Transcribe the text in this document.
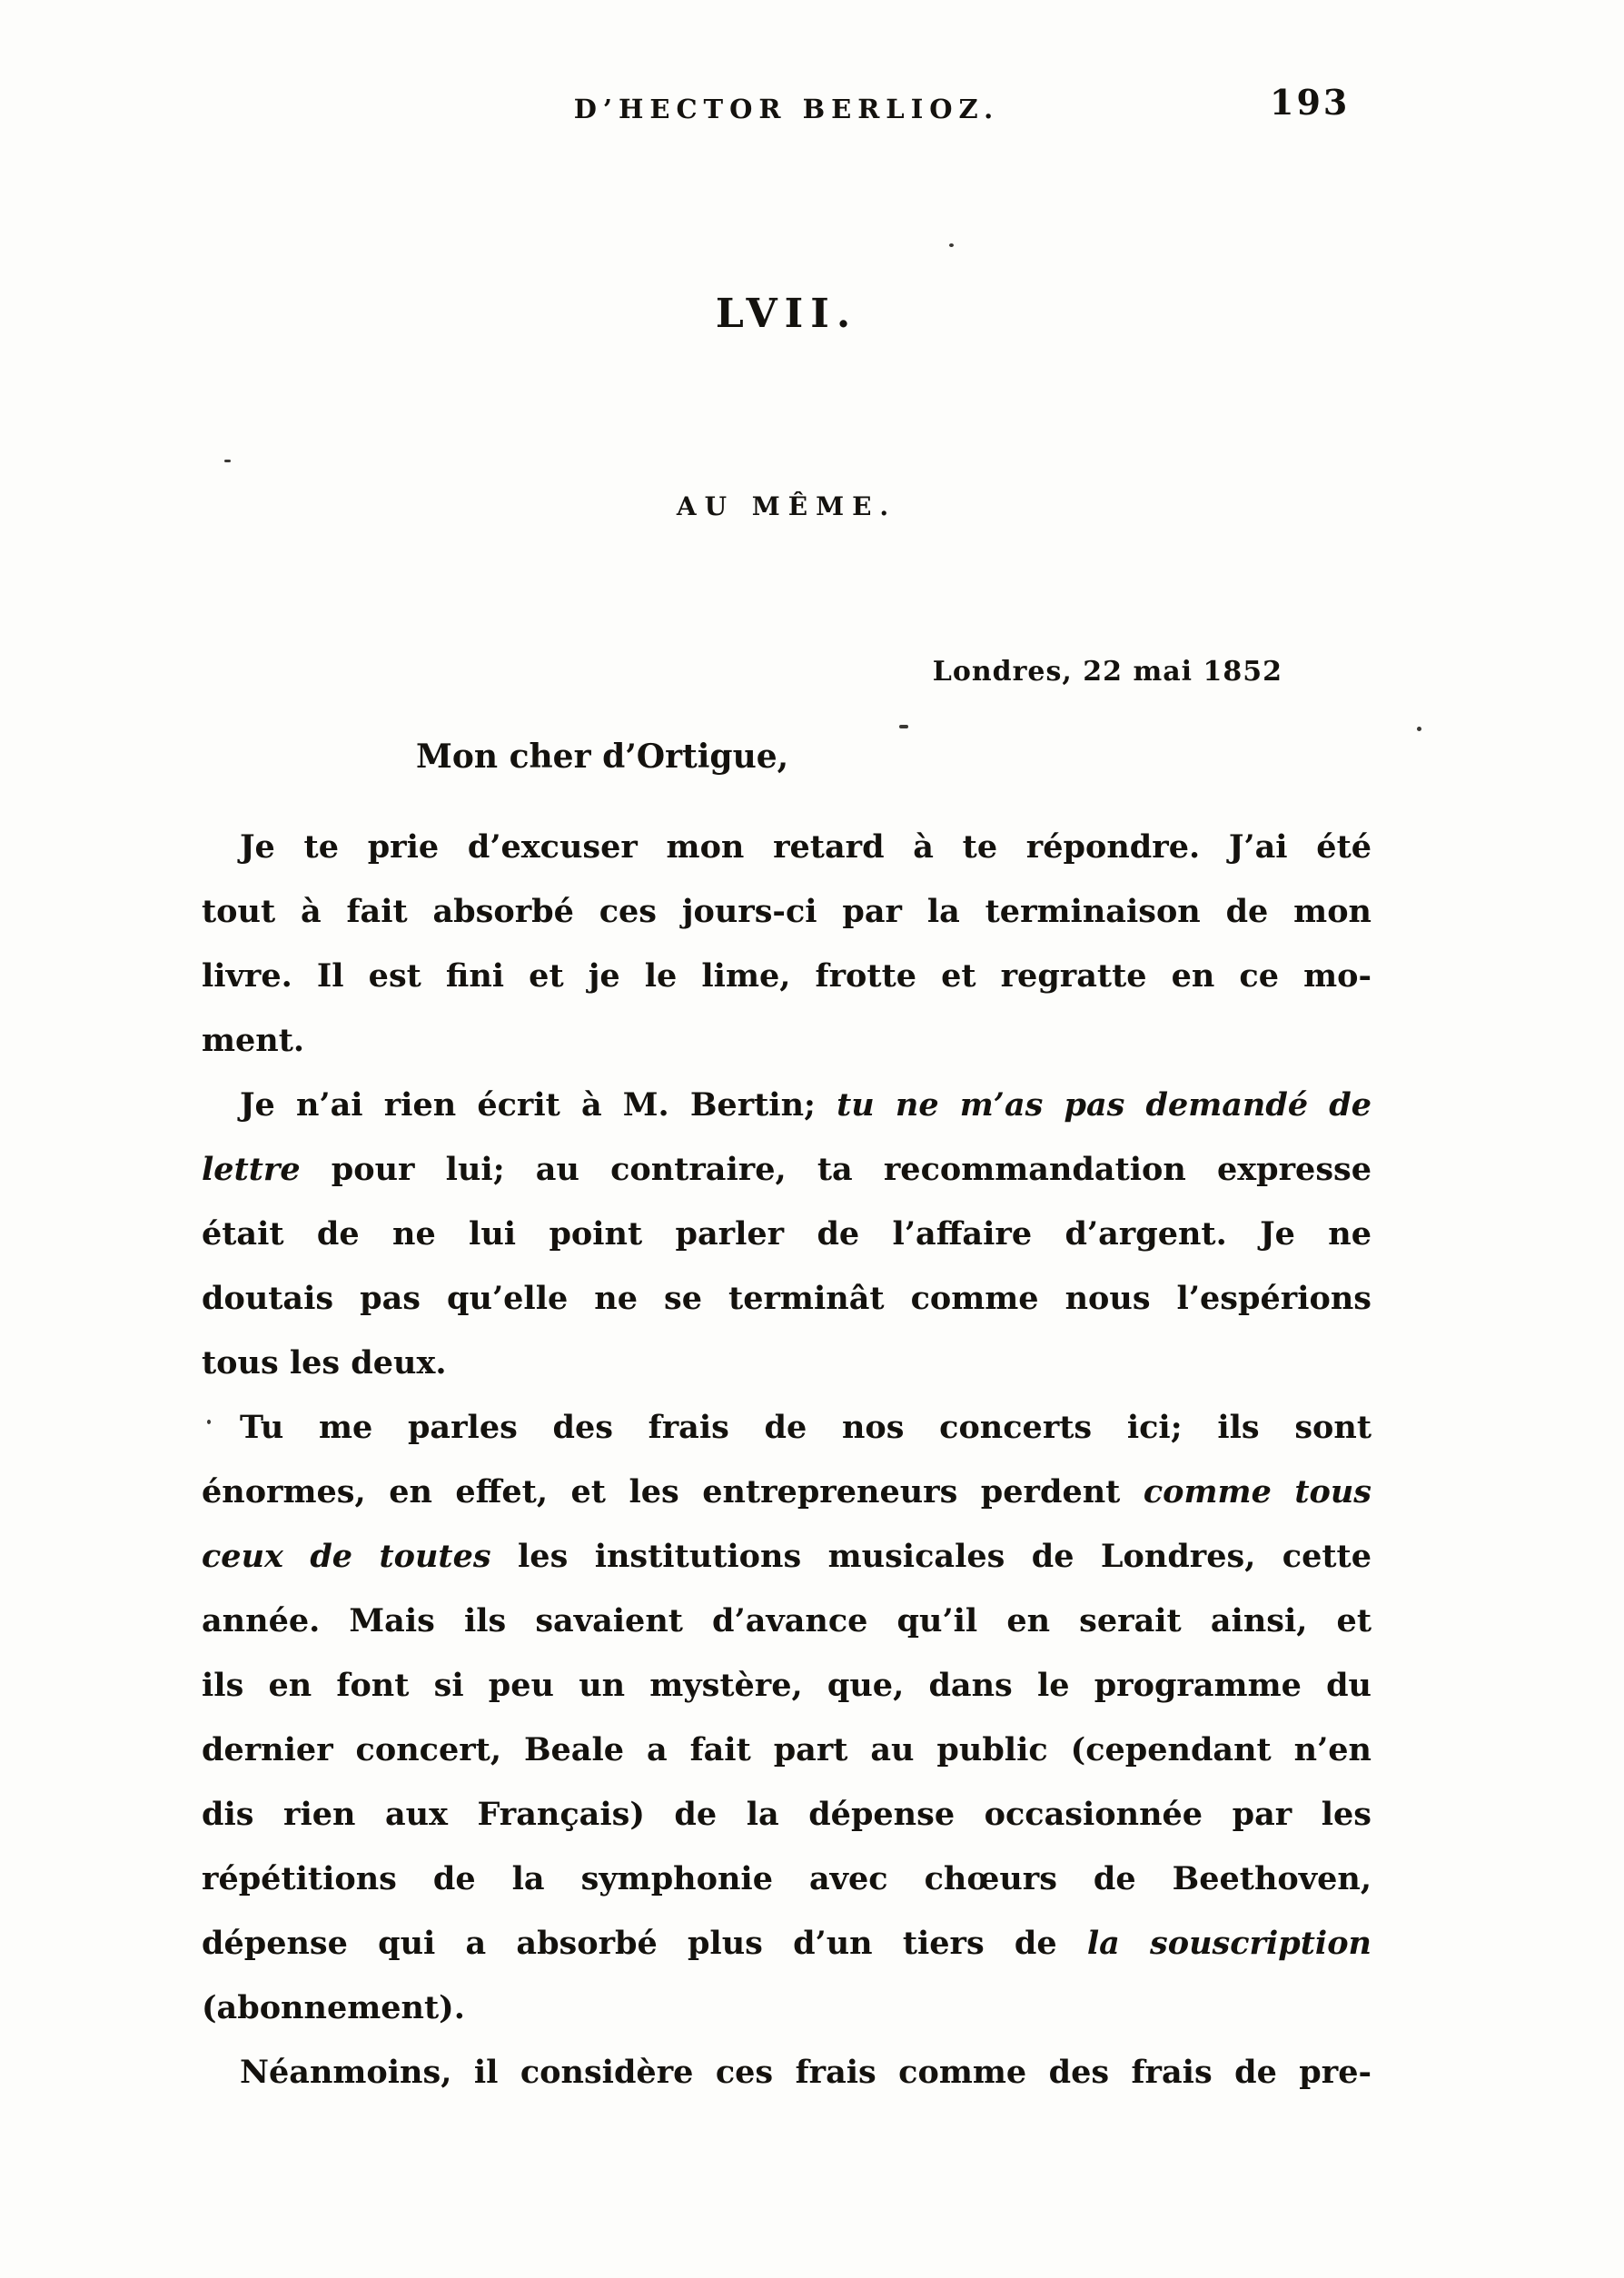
D’HECTOR BERLIOZ.	193
LVII.
AU MÊME.
Londres, 22 mai 1852
Mon cher d’Ortigue,
Je te prie d’excuser mon retard à te répondre. J’ai été
tout à fait absorbé ces jours-ci par la terminaison de mon
livre. Il est fini et je le lime, frotte et regratte en ce mo-
ment.
Je n’ai rien écrit à M. Bertin; tu ne m’as pas demandé de
lettre pour lui; au contraire, ta recommandation expresse
était de ne lui point parler de l’affaire d’argent. Je ne
doutais pas qu’elle ne se terminât comme nous l’espérions
tous les deux.
Tu me parles des frais de nos concerts ici; ils sont
énormes, en effet, et les entrepreneurs perdent comme tous
ceux de toutes les institutions musicales de Londres, cette
année. Mais ils savaient d’avance qu’il en serait ainsi, et
ils en font si peu un mystère, que, dans le programme du
dernier concert, Beale a fait part au public (cependant n’en
dis rien aux Français) de la dépense occasionnée par les
répétitions de la symphonie avec chœurs de Beethoven,
dépense qui a absorbé plus d’un tiers de la souscription
(abonnement).
Néanmoins, il considère ces frais comme des frais de pre-
